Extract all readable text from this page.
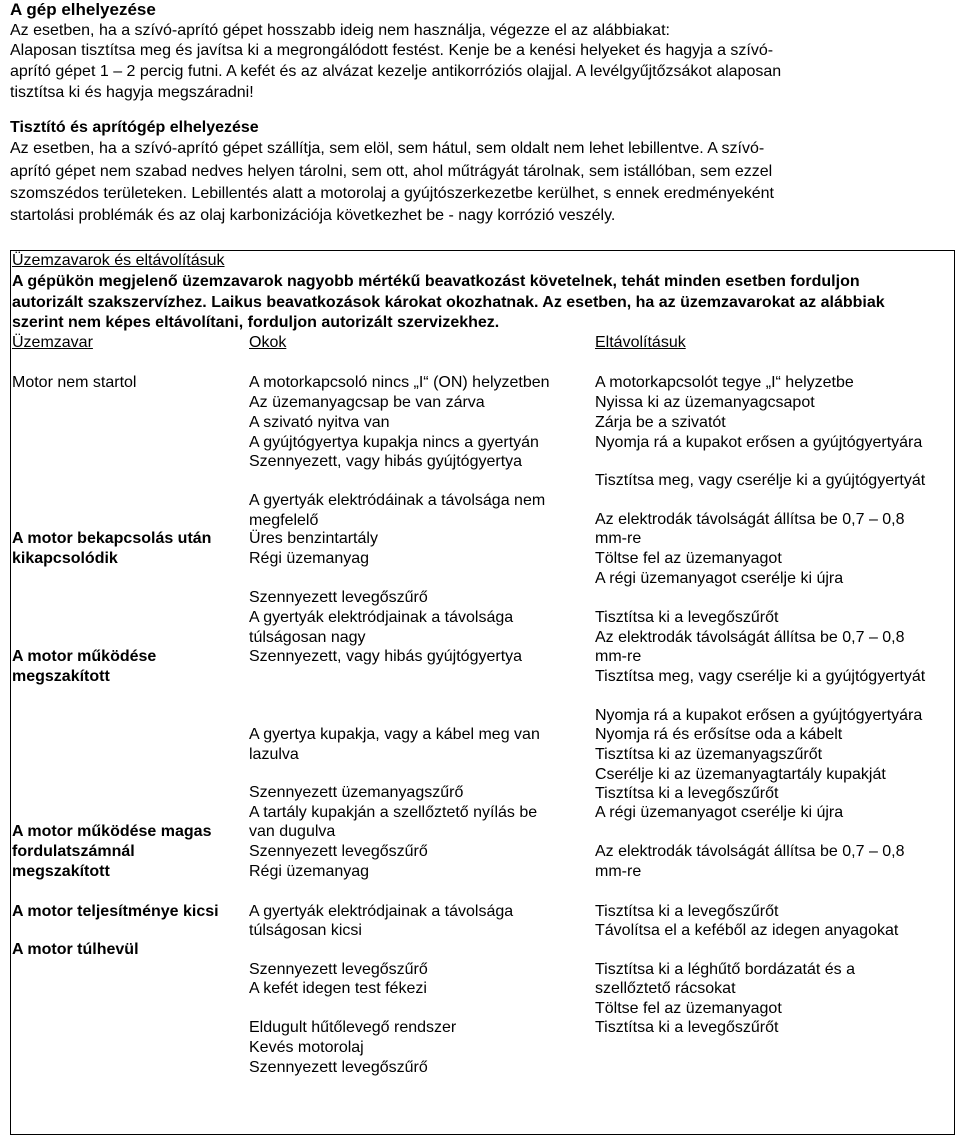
A gép elhelyezése
Az esetben, ha a szívó-aprító gépet hosszabb ideig nem használja, végezze el az alábbiakat:
Alaposan tisztítsa meg és javítsa ki a megrongálódott festést. Kenje be a kenési helyeket és hagyja a szívó-
aprító gépet 1 – 2 percig futni. A kefét és az alvázat kezelje antikorróziós olajjal. A levélgyűjtőzsákot alaposan
tisztítsa ki és hagyja megszáradni!
Tisztító és aprítógép elhelyezése
Az esetben, ha a szívó-aprító gépet szállítja, sem elöl, sem hátul, sem oldalt nem lehet lebillentve. A szívó-
aprító gépet nem szabad nedves helyen tárolni, sem ott, ahol műtrágyát tárolnak, sem istállóban, sem ezzel
szomszédos területeken. Lebillentés alatt a motorolaj a gyújtószerkezetbe kerülhet, s ennek eredményeként
startolási problémák és az olaj karbonizációja következhet be - nagy korrózió veszély.
Üzemzavarok és eltávolításuk
A gépükön megjelenő üzemzavarok nagyobb mértékű beavatkozást követelnek, tehát minden esetben forduljon
autorizált szakszervízhez. Laikus beavatkozások károkat okozhatnak. Az esetben, ha az üzemzavarokat az alábbiak
szerint nem képes eltávolítani, forduljon autorizált szervizekhez.
Üzemzavar	Okok	Eltávolításuk
Motor nem startol
A motor bekapcsolás után
kikapcsolódik
A motor működése
megszakított
A motor működése magas
fordulatszámnál
megszakított
A motor teljesítménye kicsi
A motor túlhevül
A motorkapcsoló nincs „I“ (ON) helyzetben
Az üzemanyagcsap be van zárva
A szivató nyitva van
A gyújtógyertya kupakja nincs a gyertyán
Szennyezett, vagy hibás gyújtógyertya
A gyertyák elektródáinak a távolsága nem
megfelelő
Üres benzintartály
Régi üzemanyag
Szennyezett levegőszűrő
A gyertyák elektródjainak a távolsága
túlságosan nagy
Szennyezett, vagy hibás gyújtógyertya
A gyertya kupakja, vagy a kábel meg van
lazulva
Szennyezett üzemanyagszűrő
A tartály kupakján a szellőztető nyílás be
van dugulva
Szennyezett levegőszűrő
Régi üzemanyag
A gyertyák elektródjainak a távolsága
túlságosan kicsi
Szennyezett levegőszűrő
A kefét idegen test fékezi
Eldugult hűtőlevegő rendszer
Kevés motorolaj
Szennyezett levegőszűrő
A motorkapcsolót tegye „I“ helyzetbe
Nyissa ki az üzemanyagcsapot
Zárja be a szivatót
Nyomja rá a kupakot erősen a gyújtógyertyára
Tisztítsa meg, vagy cserélje ki a gyújtógyertyát
Az elektrodák távolságát állítsa be 0,7 – 0,8
mm-re
Töltse fel az üzemanyagot
A régi üzemanyagot cserélje ki újra
Tisztítsa ki a levegőszűrőt
Az elektrodák távolságát állítsa be 0,7 – 0,8
mm-re
Tisztítsa meg, vagy cserélje ki a gyújtógyertyát
Nyomja rá a kupakot erősen a gyújtógyertyára
Nyomja rá és erősítse oda a kábelt
Tisztítsa ki az üzemanyagszűrőt
Cserélje ki az üzemanyagtartály kupakját
Tisztítsa ki a levegőszűrőt
A régi üzemanyagot cserélje ki újra
Az elektrodák távolságát állítsa be 0,7 – 0,8
mm-re
Tisztítsa ki a levegőszűrőt
Távolítsa el a keféből az idegen anyagokat
Tisztítsa ki a léghűtő bordázatát és a
szellőztető rácsokat
Töltse fel az üzemanyagot
Tisztítsa ki a levegőszűrőt
